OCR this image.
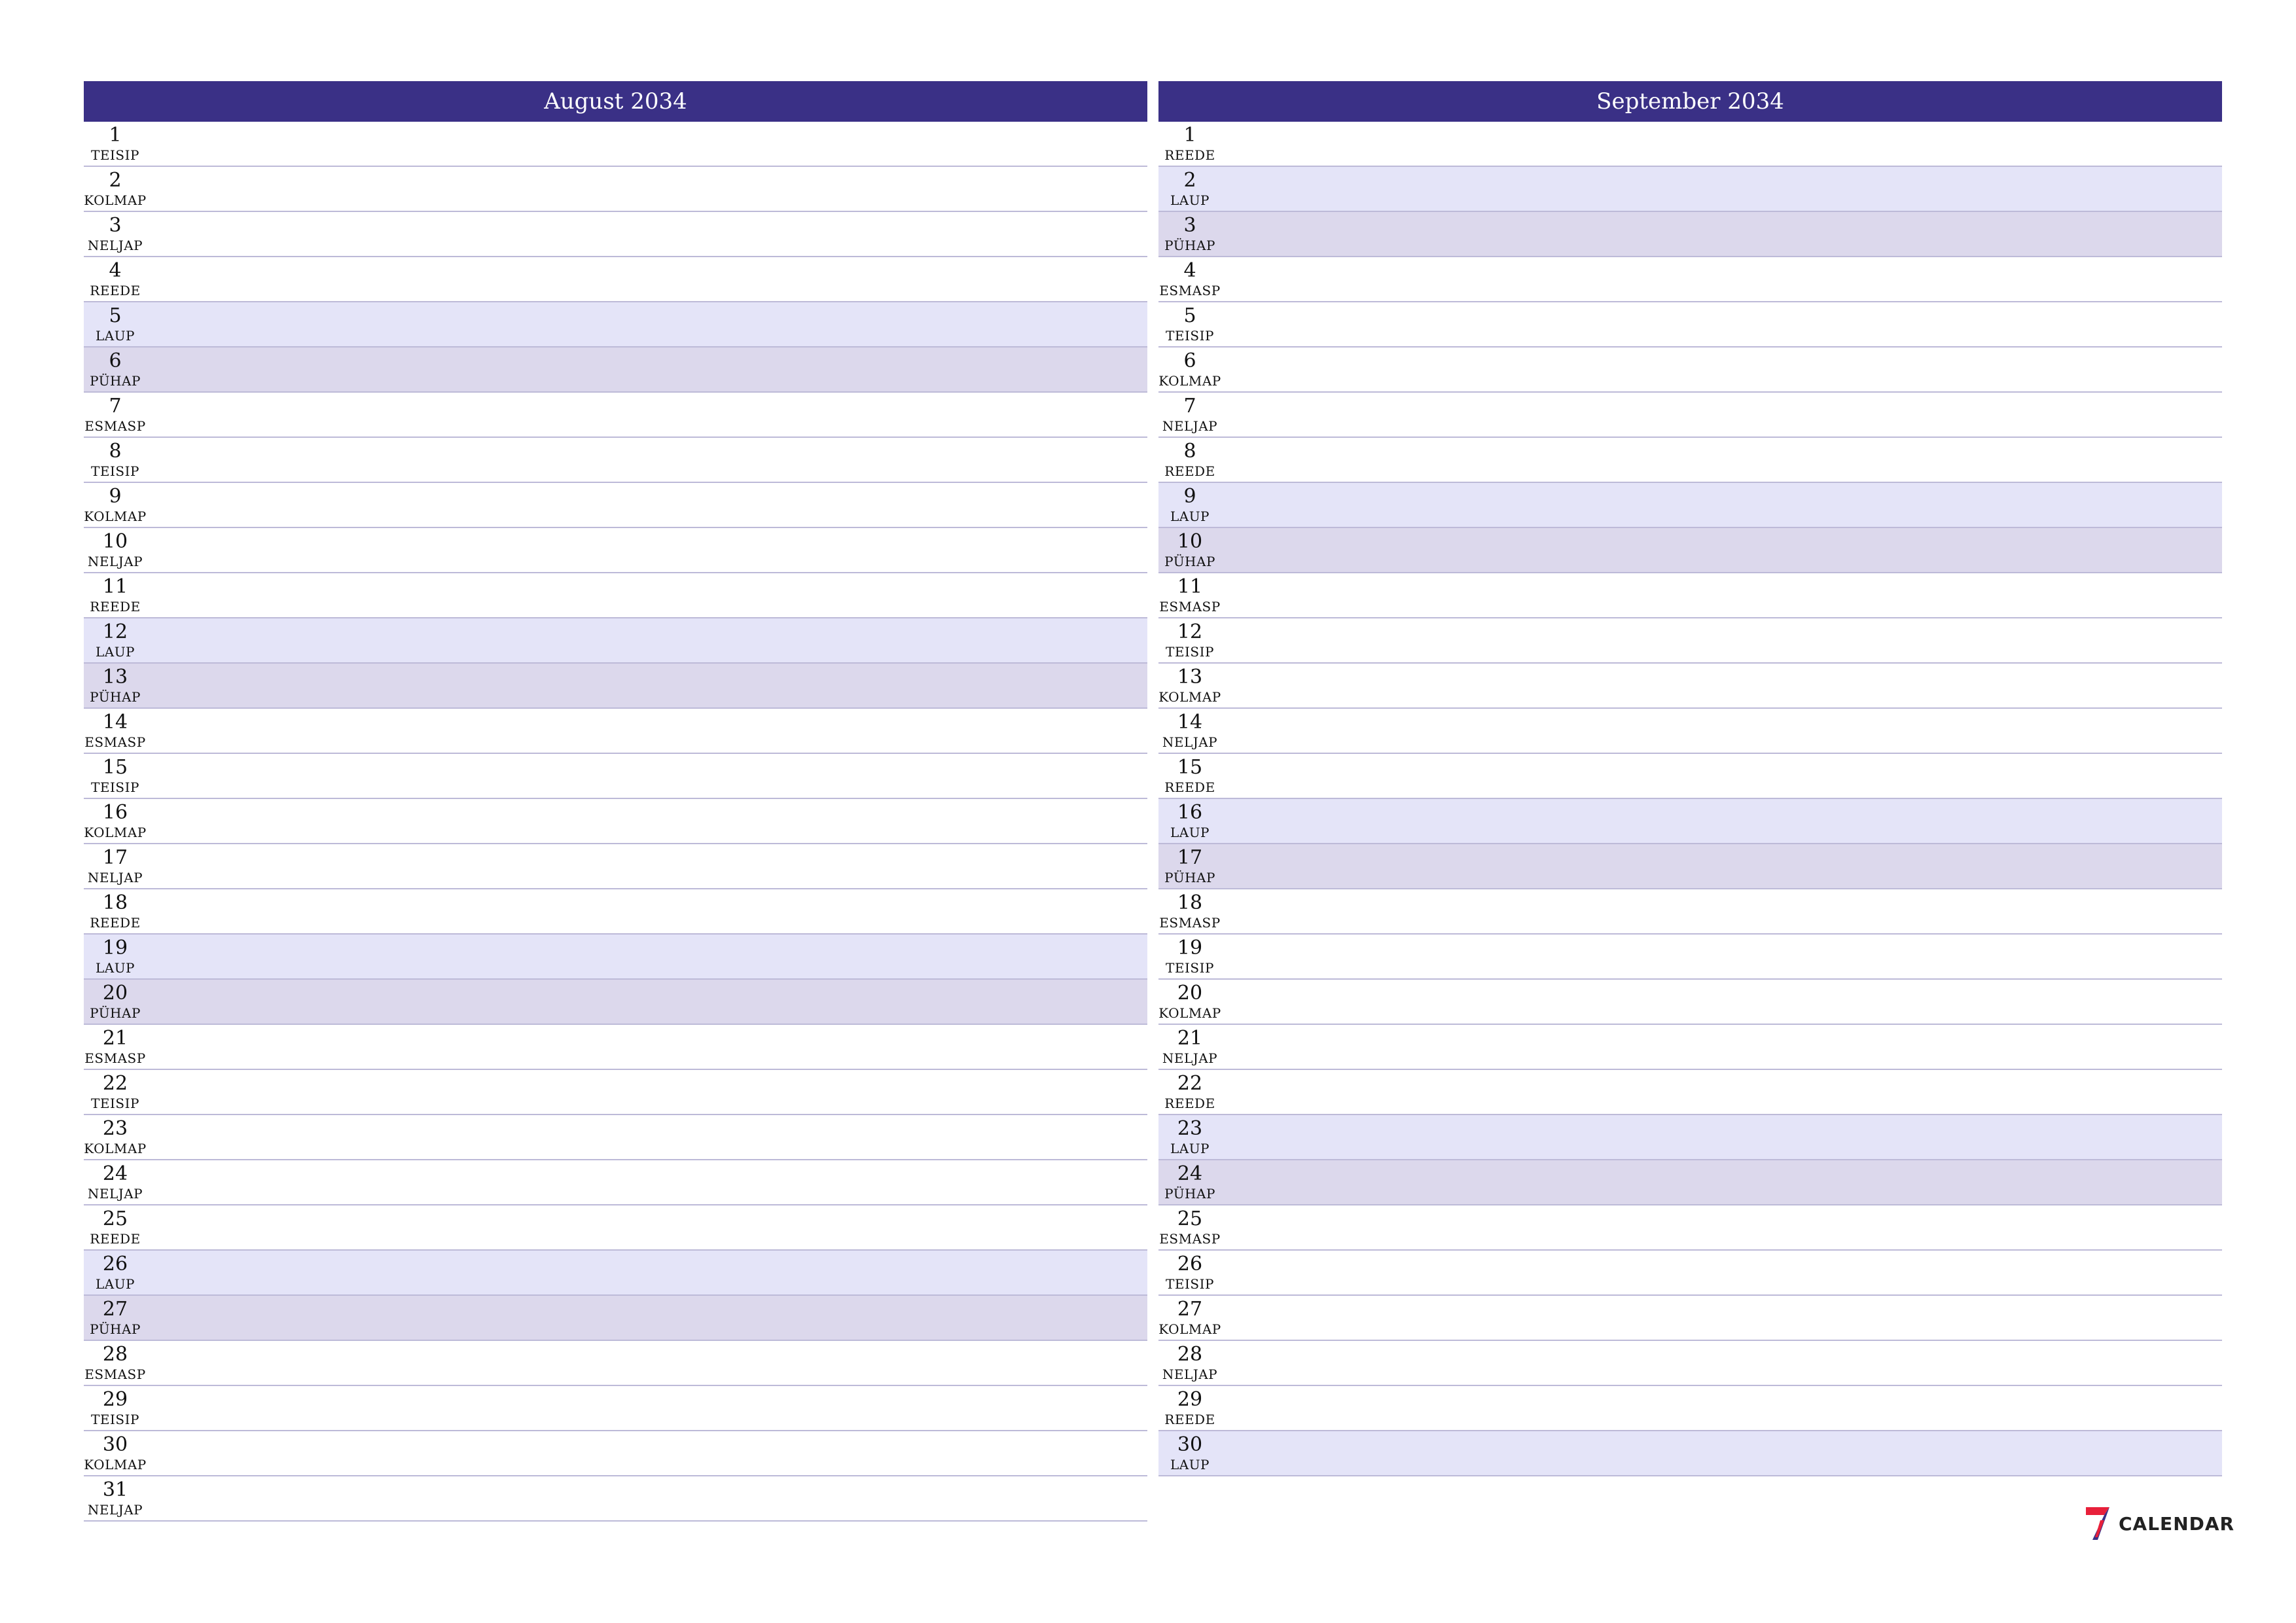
August 2034
1
TEISIP
2
KOLMAP
3
NELJAP
4
REEDE
5
LAUP
6
PÜHAP
7
ESMASP
8
TEISIP
9
KOLMAP
10
NELJAP
11
REEDE
12
LAUP
13
PÜHAP
14
ESMASP
15
TEISIP
16
KOLMAP
17
NELJAP
18
REEDE
19
LAUP
20
PÜHAP
21
ESMASP
22
TEISIP
23
KOLMAP
24
NELJAP
25
REEDE
26
LAUP
27
PÜHAP
28
ESMASP
29
TEISIP
30
KOLMAP
31
NELJAP
September 2034
1
REEDE
2
LAUP
3
PÜHAP
4
ESMASP
5
TEISIP
6
KOLMAP
7
NELJAP
8
REEDE
9
LAUP
10
PÜHAP
11
ESMASP
12
TEISIP
13
KOLMAP
14
NELJAP
15
REEDE
16
LAUP
17
PÜHAP
18
ESMASP
19
TEISIP
20
KOLMAP
21
NELJAP
22
REEDE
23
LAUP
24
PÜHAP
25
ESMASP
26
TEISIP
27
KOLMAP
28
NELJAP
29
REEDE
30
LAUP
CALENDAR
